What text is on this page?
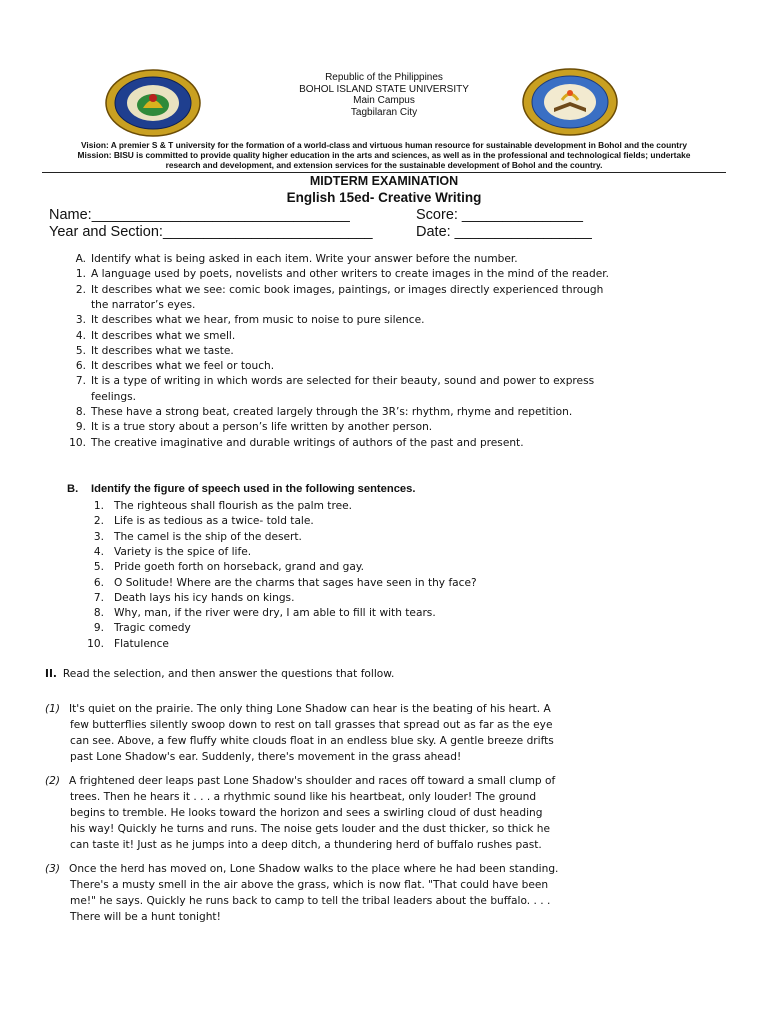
Republic of the Philippines
BOHOL ISLAND STATE UNIVERSITY
Main Campus
Tagbilaran City
Vision: A premier S & T university for the formation of a world-class and virtuous human resource for sustainable development in Bohol and the country
Mission: BISU is committed to provide quality higher education in the arts and sciences, as well as in the professional and technological fields; undertake
research and development, and extension services for the sustainable development of Bohol and the country.
MIDTERM EXAMINATION
English 15ed- Creative Writing
Name:________________________________	Score: _______________
Year and Section:__________________________	Date: _________________
A. Identify what is being asked in each item. Write your answer before the number.
1. A language used by poets, novelists and other writers to create images in the mind of the reader.
2. It describes what we see: comic book images, paintings, or images directly experienced through
the narrator’s eyes.
3. It describes what we hear, from music to noise to pure silence.
4. It describes what we smell.
5. It describes what we taste.
6. It describes what we feel or touch.
7. It is a type of writing in which words are selected for their beauty, sound and power to express
feelings.
8. These have a strong beat, created largely through the 3R’s: rhythm, rhyme and repetition.
9. It is a true story about a person’s life written by another person.
10. The creative imaginative and durable writings of authors of the past and present.
B. Identify the figure of speech used in the following sentences.
1. The righteous shall flourish as the palm tree.
2. Life is as tedious as a twice- told tale.
3. The camel is the ship of the desert.
4. Variety is the spice of life.
5. Pride goeth forth on horseback, grand and gay.
6. O Solitude! Where are the charms that sages have seen in thy face?
7. Death lays his icy hands on kings.
8. Why, man, if the river were dry, I am able to fill it with tears.
9. Tragic comedy
10. Flatulence
II. Read the selection, and then answer the questions that follow.
(1) It's quiet on the prairie. The only thing Lone Shadow can hear is the beating of his heart. A
few butterflies silently swoop down to rest on tall grasses that spread out as far as the eye
can see. Above, a few fluffy white clouds float in an endless blue sky. A gentle breeze drifts
past Lone Shadow's ear. Suddenly, there's movement in the grass ahead!
(2) A frightened deer leaps past Lone Shadow's shoulder and races off toward a small clump of
trees. Then he hears it . . . a rhythmic sound like his heartbeat, only louder! The ground
begins to tremble. He looks toward the horizon and sees a swirling cloud of dust heading
his way! Quickly he turns and runs. The noise gets louder and the dust thicker, so thick he
can taste it! Just as he jumps into a deep ditch, a thundering herd of buffalo rushes past.
(3) Once the herd has moved on, Lone Shadow walks to the place where he had been standing.
There's a musty smell in the air above the grass, which is now flat. "That could have been
me!" he says. Quickly he runs back to camp to tell the tribal leaders about the buffalo. . . .
There will be a hunt tonight!
